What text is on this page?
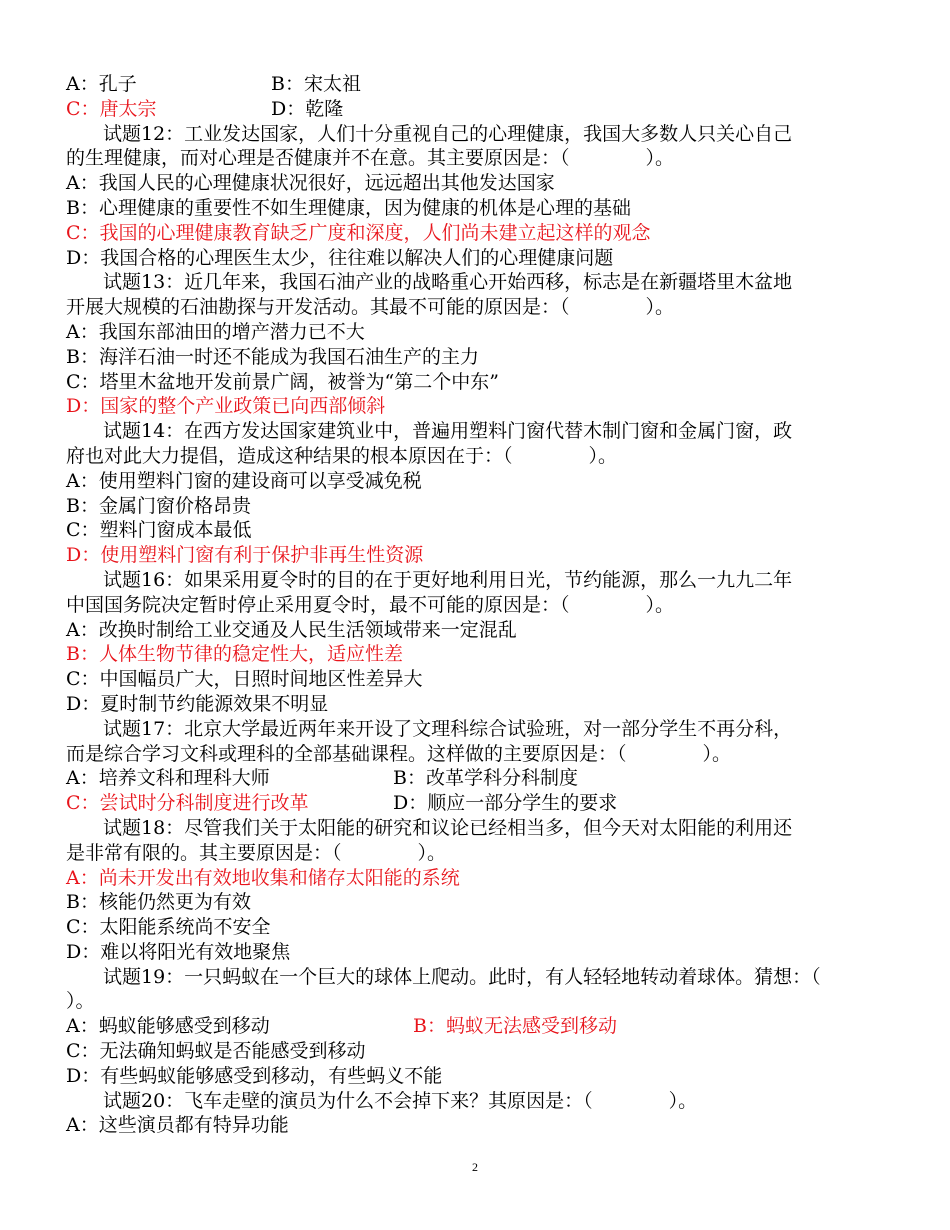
A：孔子	B：宋太祖
C：唐太宗	D：乾隆
试题12：工业发达国家，人们十分重视自己的心理健康，我国大多数人只关心自己
的生理健康，而对心理是否健康并不在意。其主要原因是：（　　　　）。
A：我国人民的心理健康状况很好，远远超出其他发达国家
B：心理健康的重要性不如生理健康，因为健康的机体是心理的基础
C：我国的心理健康教育缺乏广度和深度，人们尚未建立起这样的观念
D：我国合格的心理医生太少，往往难以解决人们的心理健康问题
试题13：近几年来，我国石油产业的战略重心开始西移，标志是在新疆塔里木盆地
开展大规模的石油勘探与开发活动。其最不可能的原因是：（　　　　）。
A：我国东部油田的增产潜力已不大
B：海洋石油一时还不能成为我国石油生产的主力
C：塔里木盆地开发前景广阔，被誉为“第二个中东”
D：国家的整个产业政策已向西部倾斜
试题14：在西方发达国家建筑业中，普遍用塑料门窗代替木制门窗和金属门窗，政
府也对此大力提倡，造成这种结果的根本原因在于：（　　　　）。
A：使用塑料门窗的建设商可以享受减免税
B：金属门窗价格昂贵
C：塑料门窗成本最低
D：使用塑料门窗有利于保护非再生性资源
试题16：如果采用夏令时的目的在于更好地利用日光，节约能源，那么一九九二年
中国国务院决定暂时停止采用夏令时，最不可能的原因是：（　　　　）。
A：改换时制给工业交通及人民生活领域带来一定混乱
B：人体生物节律的稳定性大，适应性差
C：中国幅员广大，日照时间地区性差异大
D：夏时制节约能源效果不明显
试题17：北京大学最近两年来开设了文理科综合试验班，对一部分学生不再分科，
而是综合学习文科或理科的全部基础课程。这样做的主要原因是：（　　　　）。
A：培养文科和理科大师	B：改革学科分科制度
C：尝试时分科制度进行改革	D：顺应一部分学生的要求
试题18：尽管我们关于太阳能的研究和议论已经相当多，但今天对太阳能的利用还
是非常有限的。其主要原因是：（　　　　）。
A：尚未开发出有效地收集和储存太阳能的系统
B：核能仍然更为有效
C：太阳能系统尚不安全
D：难以将阳光有效地聚焦
试题19：一只蚂蚁在一个巨大的球体上爬动。此时，有人轻轻地转动着球体。猜想：（
）。
A：蚂蚁能够感受到移动	B：蚂蚁无法感受到移动
C：无法确知蚂蚁是否能感受到移动
D：有些蚂蚁能够感受到移动，有些蚂义不能
试题20：飞车走壁的演员为什么不会掉下来？其原因是：（　　　　）。
A：这些演员都有特异功能
2
